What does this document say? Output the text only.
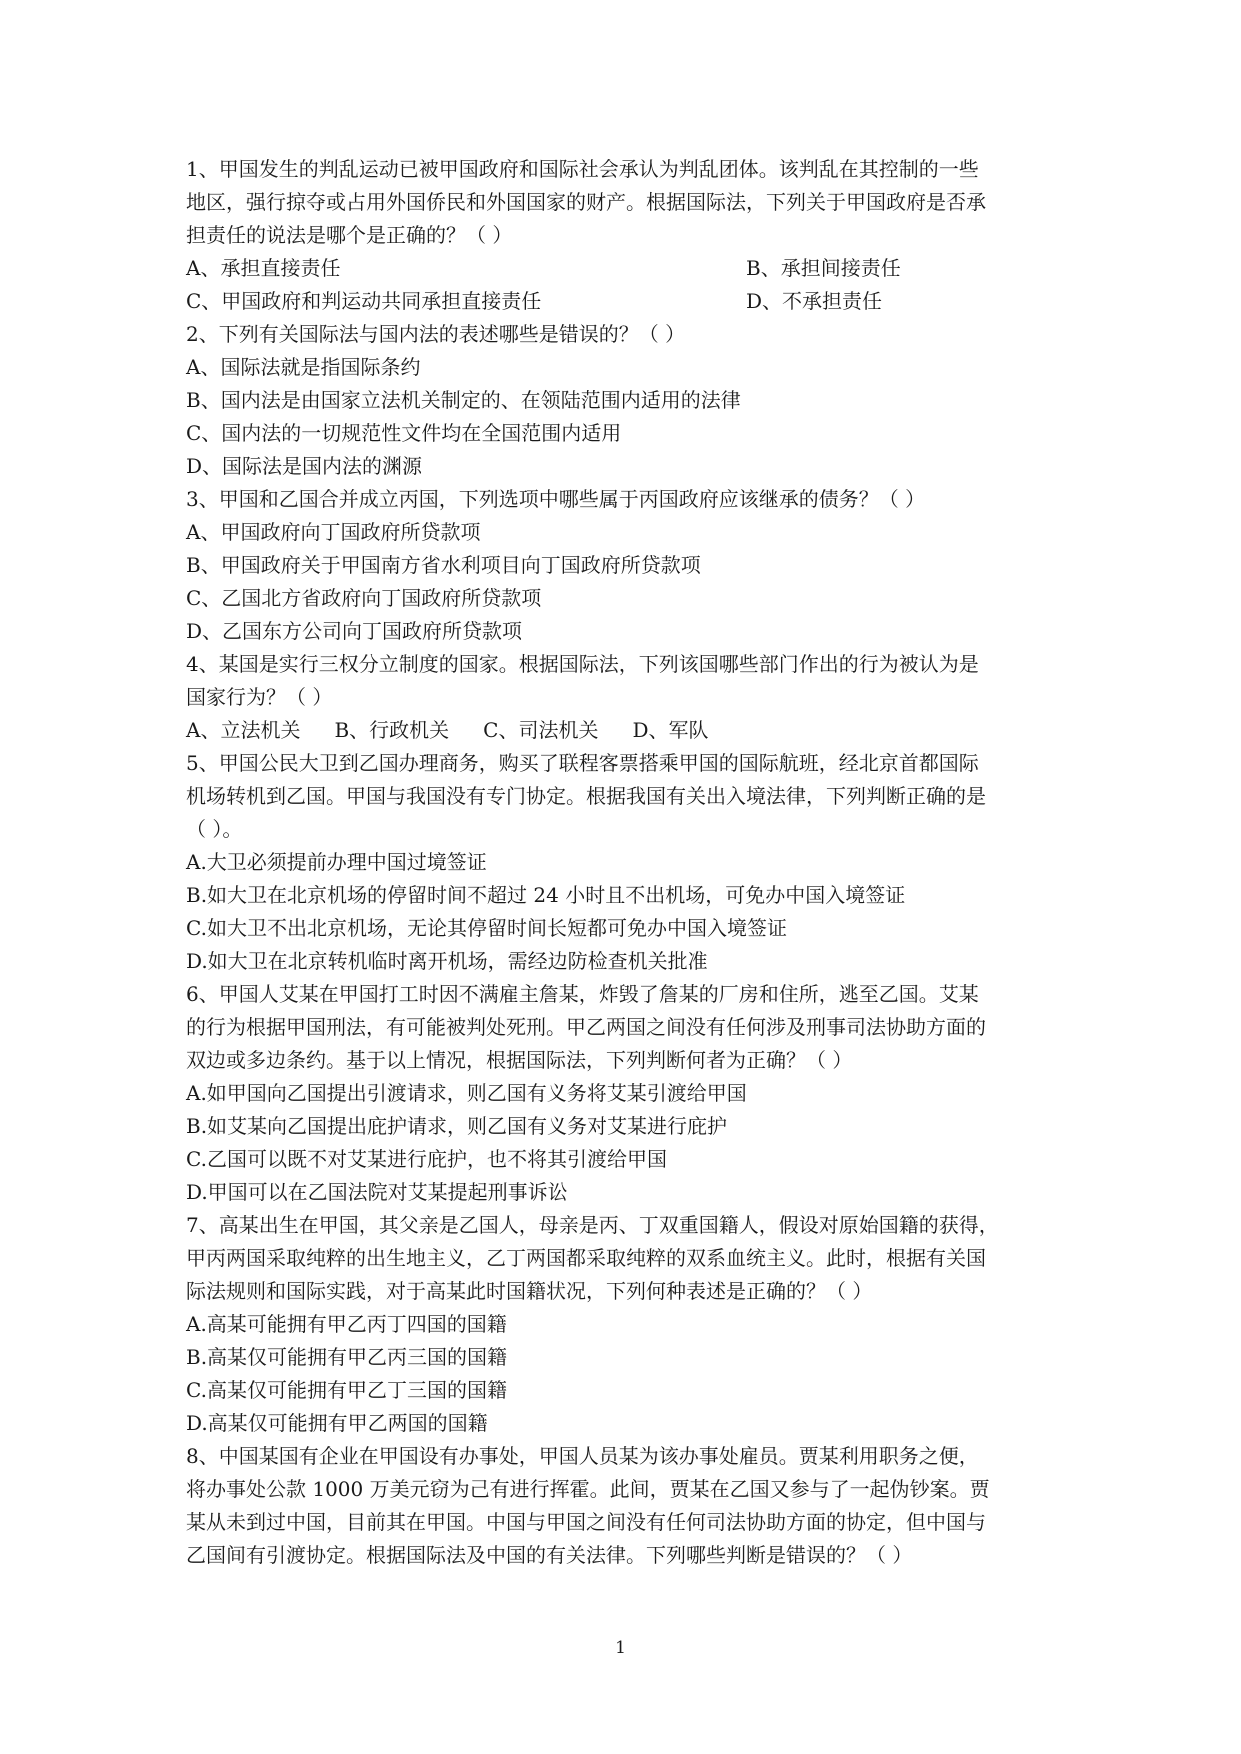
1、甲国发生的判乱运动已被甲国政府和国际社会承认为判乱团体。该判乱在其控制的一些
地区，强行掠夺或占用外国侨民和外国国家的财产。根据国际法，下列关于甲国政府是否承
担责任的说法是哪个是正确的？（ ）
A、承担直接责任	B、承担间接责任
C、甲国政府和判运动共同承担直接责任	D、不承担责任
2、下列有关国际法与国内法的表述哪些是错误的？（ ）
A、国际法就是指国际条约
B、国内法是由国家立法机关制定的、在领陆范围内适用的法律
C、国内法的一切规范性文件均在全国范围内适用
D、国际法是国内法的渊源
3、甲国和乙国合并成立丙国，下列选项中哪些属于丙国政府应该继承的债务？（ ）
A、甲国政府向丁国政府所贷款项
B、甲国政府关于甲国南方省水利项目向丁国政府所贷款项
C、乙国北方省政府向丁国政府所贷款项
D、乙国东方公司向丁国政府所贷款项
4、某国是实行三权分立制度的国家。根据国际法，下列该国哪些部门作出的行为被认为是
国家行为？（ ）
A、立法机关 B、行政机关 C、司法机关 D、军队
5、甲国公民大卫到乙国办理商务，购买了联程客票搭乘甲国的国际航班，经北京首都国际
机场转机到乙国。甲国与我国没有专门协定。根据我国有关出入境法律，下列判断正确的是
（ ）。
A.大卫必须提前办理中国过境签证
B.如大卫在北京机场的停留时间不超过 24 小时且不出机场，可免办中国入境签证
C.如大卫不出北京机场，无论其停留时间长短都可免办中国入境签证
D.如大卫在北京转机临时离开机场，需经边防检查机关批准
6、甲国人艾某在甲国打工时因不满雇主詹某，炸毁了詹某的厂房和住所，逃至乙国。艾某
的行为根据甲国刑法，有可能被判处死刑。甲乙两国之间没有任何涉及刑事司法协助方面的
双边或多边条约。基于以上情况，根据国际法，下列判断何者为正确？（ ）
A.如甲国向乙国提出引渡请求，则乙国有义务将艾某引渡给甲国
B.如艾某向乙国提出庇护请求，则乙国有义务对艾某进行庇护
C.乙国可以既不对艾某进行庇护，也不将其引渡给甲国
D.甲国可以在乙国法院对艾某提起刑事诉讼
7、高某出生在甲国，其父亲是乙国人，母亲是丙、丁双重国籍人，假设对原始国籍的获得，
甲丙两国采取纯粹的出生地主义，乙丁两国都采取纯粹的双系血统主义。此时，根据有关国
际法规则和国际实践，对于高某此时国籍状况，下列何种表述是正确的？（ ）
A.高某可能拥有甲乙丙丁四国的国籍
B.高某仅可能拥有甲乙丙三国的国籍
C.高某仅可能拥有甲乙丁三国的国籍
D.高某仅可能拥有甲乙两国的国籍
8、中国某国有企业在甲国设有办事处，甲国人员某为该办事处雇员。贾某利用职务之便，
将办事处公款 1000 万美元窃为己有进行挥霍。此间，贾某在乙国又参与了一起伪钞案。贾
某从未到过中国，目前其在甲国。中国与甲国之间没有任何司法协助方面的协定，但中国与
乙国间有引渡协定。根据国际法及中国的有关法律。下列哪些判断是错误的？（ ）
1
